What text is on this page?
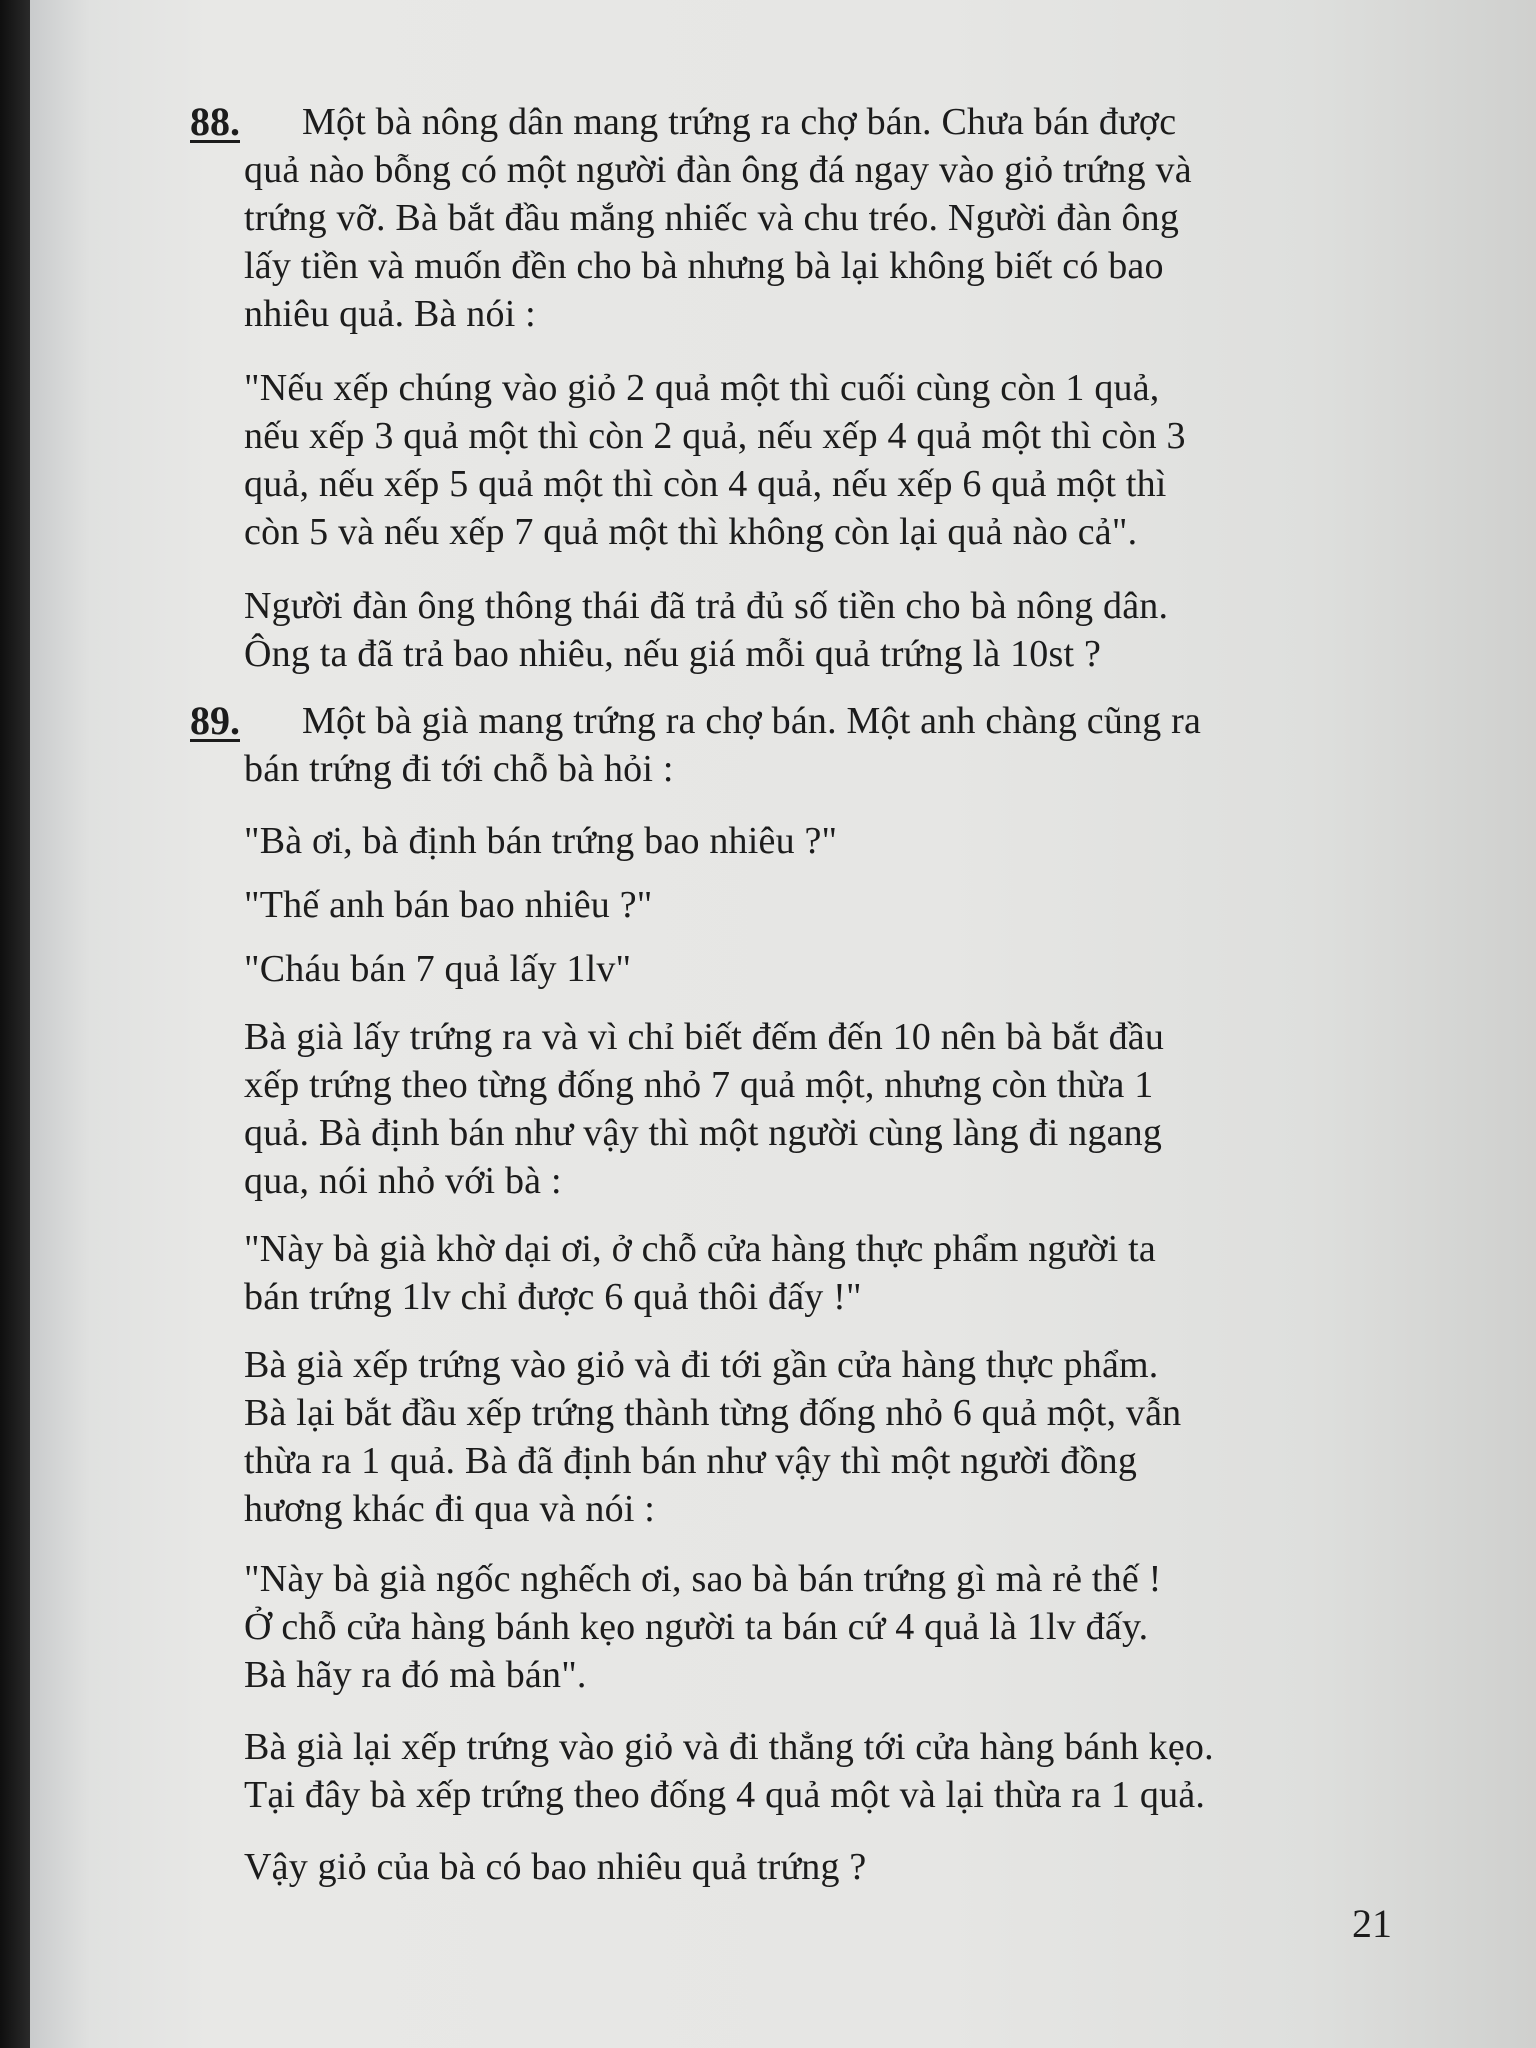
88. Một bà nông dân mang trứng ra chợ bán. Chưa bán được
quả nào bỗng có một người đàn ông đá ngay vào giỏ trứng và
trứng vỡ. Bà bắt đầu mắng nhiếc và chu tréo. Người đàn ông
lấy tiền và muốn đền cho bà nhưng bà lại không biết có bao
nhiêu quả. Bà nói :
"Nếu xếp chúng vào giỏ 2 quả một thì cuối cùng còn 1 quả,
nếu xếp 3 quả một thì còn 2 quả, nếu xếp 4 quả một thì còn 3
quả, nếu xếp 5 quả một thì còn 4 quả, nếu xếp 6 quả một thì
còn 5 và nếu xếp 7 quả một thì không còn lại quả nào cả".
Người đàn ông thông thái đã trả đủ số tiền cho bà nông dân.
Ông ta đã trả bao nhiêu, nếu giá mỗi quả trứng là 10st ?
89. Một bà già mang trứng ra chợ bán. Một anh chàng cũng ra
bán trứng đi tới chỗ bà hỏi :
"Bà ơi, bà định bán trứng bao nhiêu ?"
"Thế anh bán bao nhiêu ?"
"Cháu bán 7 quả lấy 1lv"
Bà già lấy trứng ra và vì chỉ biết đếm đến 10 nên bà bắt đầu
xếp trứng theo từng đống nhỏ 7 quả một, nhưng còn thừa 1
quả. Bà định bán như vậy thì một người cùng làng đi ngang
qua, nói nhỏ với bà :
"Này bà già khờ dại ơi, ở chỗ cửa hàng thực phẩm người ta
bán trứng 1lv chỉ được 6 quả thôi đấy !"
Bà già xếp trứng vào giỏ và đi tới gần cửa hàng thực phẩm.
Bà lại bắt đầu xếp trứng thành từng đống nhỏ 6 quả một, vẫn
thừa ra 1 quả. Bà đã định bán như vậy thì một người đồng
hương khác đi qua và nói :
"Này bà già ngốc nghếch ơi, sao bà bán trứng gì mà rẻ thế !
Ở chỗ cửa hàng bánh kẹo người ta bán cứ 4 quả là 1lv đấy.
Bà hãy ra đó mà bán".
Bà già lại xếp trứng vào giỏ và đi thẳng tới cửa hàng bánh kẹo.
Tại đây bà xếp trứng theo đống 4 quả một và lại thừa ra 1 quả.
Vậy giỏ của bà có bao nhiêu quả trứng ?
21
